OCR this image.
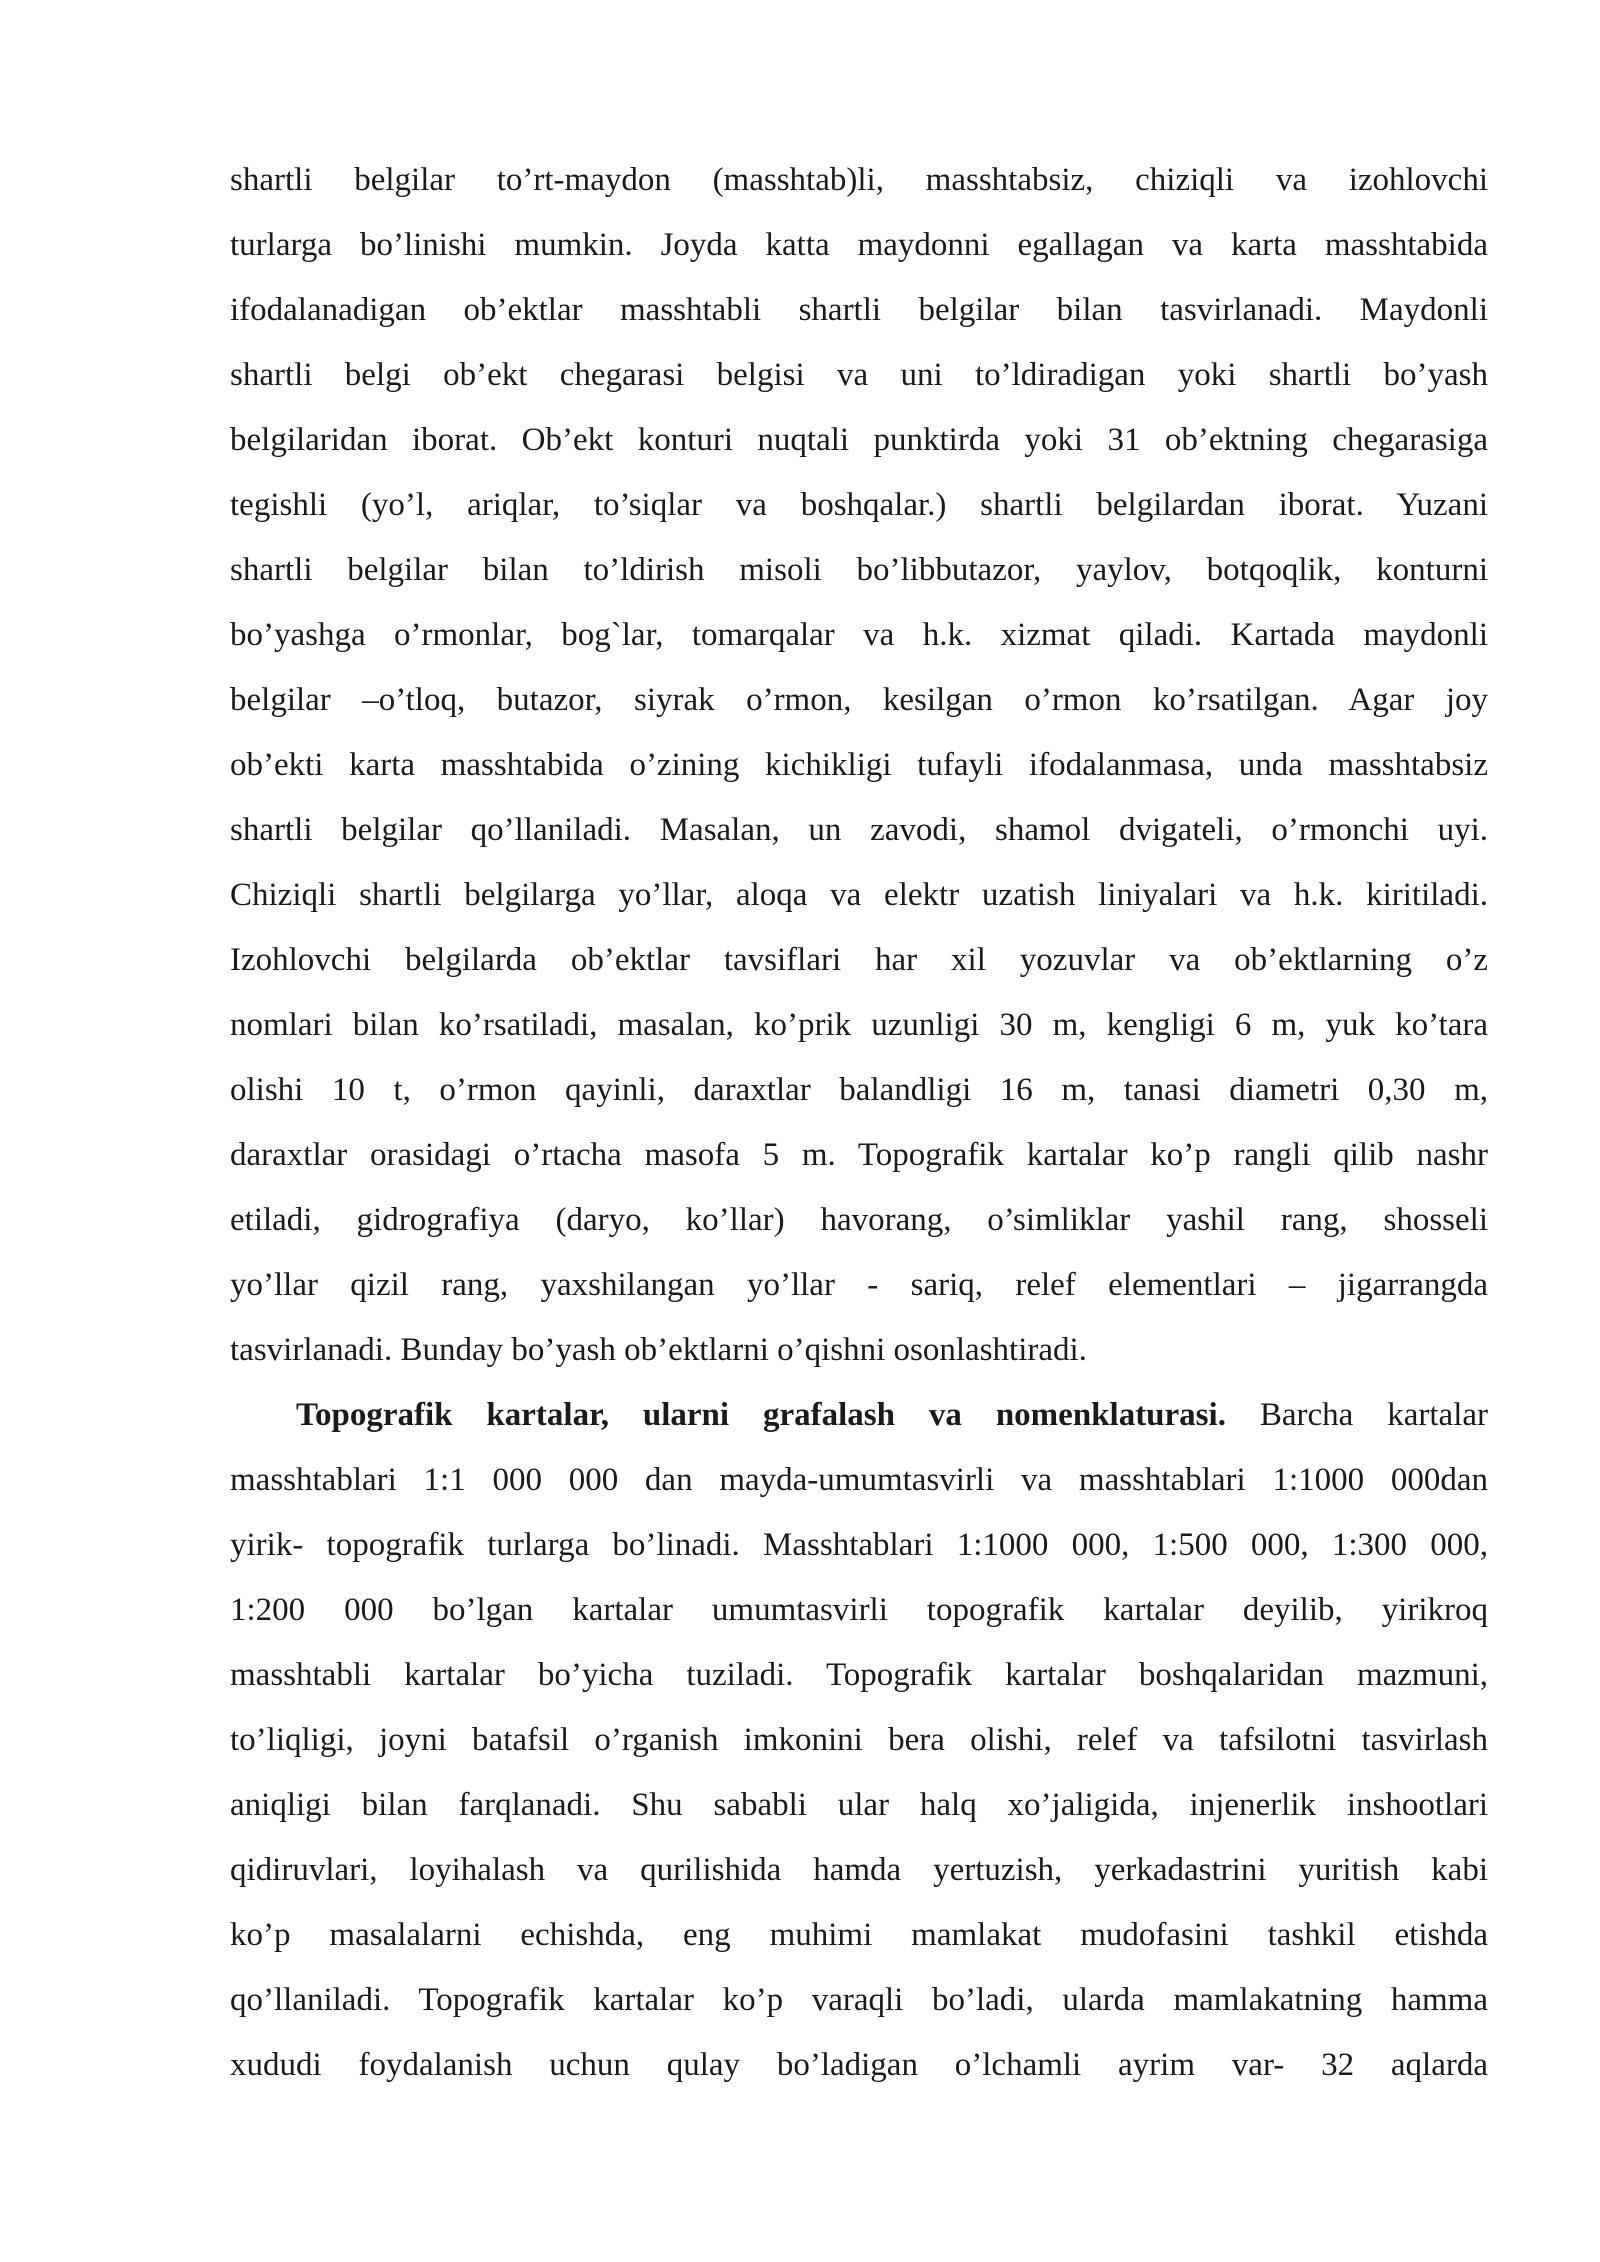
shartli belgilar to’rt-maydon (masshtab)li, masshtabsiz, chiziqli va izohlovchi
turlarga bo’linishi mumkin. Joyda katta maydonni egallagan va karta masshtabida
ifodalanadigan ob’ektlar masshtabli shartli belgilar bilan tasvirlanadi. Maydonli
shartli belgi ob’ekt chegarasi belgisi va uni to’ldiradigan yoki shartli bo’yash
belgilaridan iborat. Ob’ekt konturi nuqtali punktirda yoki 31 ob’ektning chegarasiga
tegishli (yo’l, ariqlar, to’siqlar va boshqalar.) shartli belgilardan iborat. Yuzani
shartli belgilar bilan to’ldirish misoli bo’libbutazor, yaylov, botqoqlik, konturni
bo’yashga o’rmonlar, bog`lar, tomarqalar va h.k. xizmat qiladi. Kartada maydonli
belgilar –o’tloq, butazor, siyrak o’rmon, kesilgan o’rmon ko’rsatilgan. Agar joy
ob’ekti karta masshtabida o’zining kichikligi tufayli ifodalanmasa, unda masshtabsiz
shartli belgilar qo’llaniladi. Masalan, un zavodi, shamol dvigateli, o’rmonchi uyi.
Chiziqli shartli belgilarga yo’llar, aloqa va elektr uzatish liniyalari va h.k. kiritiladi.
Izohlovchi belgilarda ob’ektlar tavsiflari har xil yozuvlar va ob’ektlarning o’z
nomlari bilan ko’rsatiladi, masalan, ko’prik uzunligi 30 m, kengligi 6 m, yuk ko’tara
olishi 10 t, o’rmon qayinli, daraxtlar balandligi 16 m, tanasi diametri 0,30 m,
daraxtlar orasidagi o’rtacha masofa 5 m. Topografik kartalar ko’p rangli qilib nashr
etiladi, gidrografiya (daryo, ko’llar) havorang, o’simliklar yashil rang, shosseli
yo’llar qizil rang, yaxshilangan yo’llar - sariq, relef elementlari – jigarrangda
tasvirlanadi. Bunday bo’yash ob’ektlarni o’qishni osonlashtiradi.
Topografik kartalar, ularni grafalash va nomenklaturasi. Barcha kartalar
masshtablari 1:1 000 000 dan mayda-umumtasvirli va masshtablari 1:1000 000dan
yirik- topografik turlarga bo’linadi. Masshtablari 1:1000 000, 1:500 000, 1:300 000,
1:200 000 bo’lgan kartalar umumtasvirli topografik kartalar deyilib, yirikroq
masshtabli kartalar bo’yicha tuziladi. Topografik kartalar boshqalaridan mazmuni,
to’liqligi, joyni batafsil o’rganish imkonini bera olishi, relef va tafsilotni tasvirlash
aniqligi bilan farqlanadi. Shu sababli ular halq xo’jaligida, injenerlik inshootlari
qidiruvlari, loyihalash va qurilishida hamda yertuzish, yerkadastrini yuritish kabi
ko’p masalalarni echishda, eng muhimi mamlakat mudofasini tashkil etishda
qo’llaniladi. Topografik kartalar ko’p varaqli bo’ladi, ularda mamlakatning hamma
xududi foydalanish uchun qulay bo’ladigan o’lchamli ayrim var- 32 aqlarda
